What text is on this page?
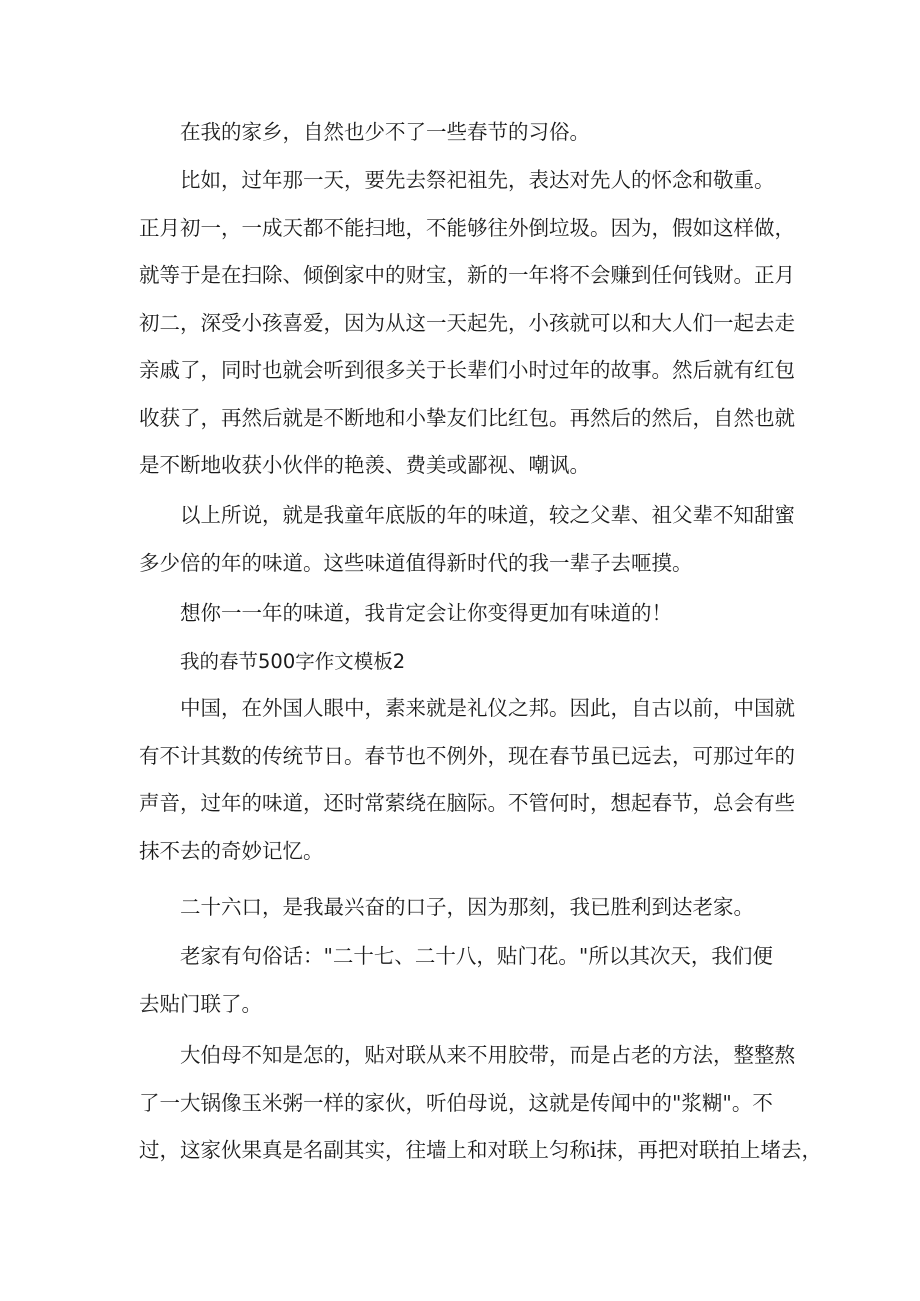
在我的家乡，自然也少不了一些春节的习俗。
比如，过年那一天，要先去祭祀祖先，表达对先人的怀念和敬重。
正月初一，一成天都不能扫地，不能够往外倒垃圾。因为，假如这样做，
就等于是在扫除、倾倒家中的财宝，新的一年将不会赚到任何钱财。正月
初二，深受小孩喜爱，因为从这一天起先，小孩就可以和大人们一起去走
亲戚了，同时也就会听到很多关于长辈们小时过年的故事。然后就有红包
收获了，再然后就是不断地和小挚友们比红包。再然后的然后，自然也就
是不断地收获小伙伴的艳羡、费美或鄙视、嘲讽。
以上所说，就是我童年底版的年的味道，较之父辈、祖父辈不知甜蜜
多少倍的年的味道。这些味道值得新时代的我一辈子去咂摸。
想你一一年的味道，我肯定会让你变得更加有味道的！
我的春节500字作文模板2
中国，在外国人眼中，素来就是礼仪之邦。因此，自古以前，中国就
有不计其数的传统节日。春节也不例外，现在春节虽已远去，可那过年的
声音，过年的味道，还时常萦绕在脑际。不管何时，想起春节，总会有些
抹不去的奇妙记忆。
二十六口，是我最兴奋的口子，因为那刻，我已胜利到达老家。
老家有句俗话："二十七、二十八，贴门花。"所以其次天，我们便
去贴门联了。
大伯母不知是怎的，贴对联从来不用胶带，而是占老的方法，整整熬
了一大锅像玉米粥一样的家伙，听伯母说，这就是传闻中的"浆糊"。不
过，这家伙果真是名副其实，往墙上和对联上匀称i抹，再把对联拍上堵去，
